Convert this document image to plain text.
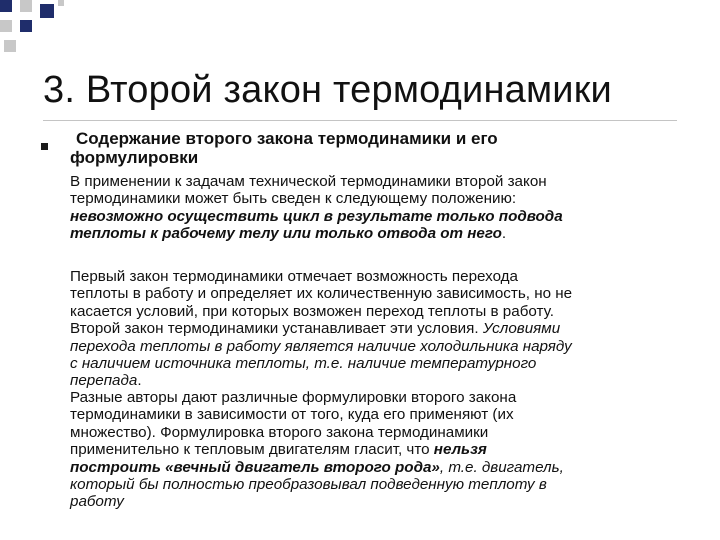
3. Второй закон термодинамики
Содержание второго закона термодинамики и его
формулировки

В применении к задачам технической термодинамики второй закон
термодинамики может быть сведен к следующему положению:
невозможно осуществить цикл в результате только подвода
теплоты к рабочему телу или только отвода от него.

Первый закон термодинамики отмечает возможность перехода
теплоты в работу и определяет их количественную зависимость, но не
касается условий, при которых возможен переход теплоты в работу.
Второй закон термодинамики устанавливает эти условия. Условиями
перехода теплоты в работу является наличие холодильника наряду
с наличием источника теплоты, т.е. наличие температурного
перепада.

Разные авторы дают различные формулировки второго закона
термодинамики в зависимости от того, куда его применяют (их
множество). Формулировка второго закона термодинамики
применительно к тепловым двигателям гласит, что нельзя
построить «вечный двигатель второго рода», т.е. двигатель,
который бы полностью преобразовывал подведенную теплоту в
работу
